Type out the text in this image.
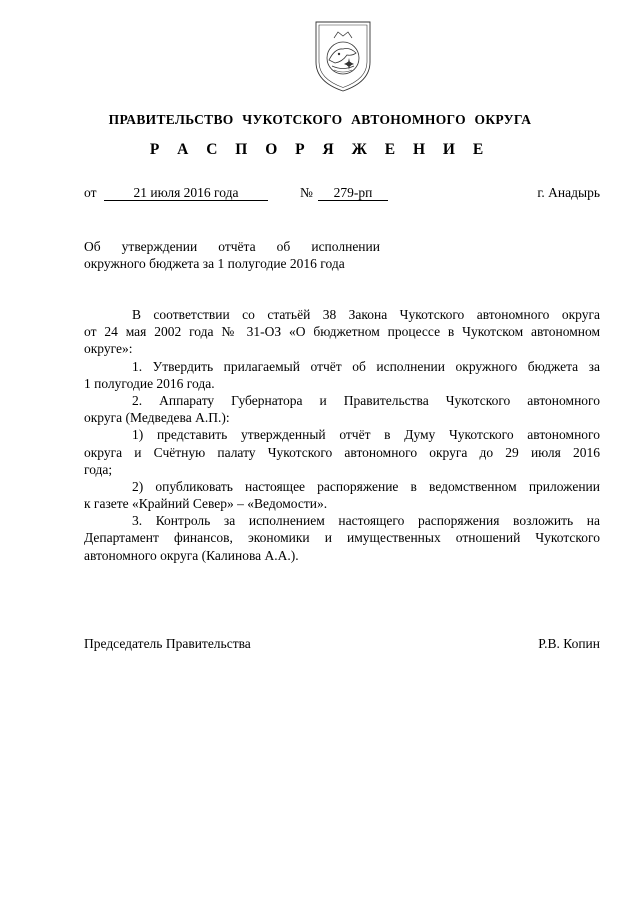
ПРАВИТЕЛЬСТВО ЧУКОТСКОГО АВТОНОМНОГО ОКРУГА
Р А С П О Р Я Ж Е Н И Е
от	21 июля 2016 года	№	279-рп	г. Анадырь
Об утверждении отчёта об исполнении
окружного бюджета за 1 полугодие 2016 года
В соответствии со статьёй 38 Закона Чукотского автономного округа
от 24 мая 2002 года № 31-ОЗ «О бюджетном процессе в Чукотском автономном
округе»:
1. Утвердить прилагаемый отчёт об исполнении окружного бюджета за
1 полугодие 2016 года.
2. Аппарату Губернатора и Правительства Чукотского автономного
округа (Медведева А.П.):
1) представить утвержденный отчёт в Думу Чукотского автономного
округа и Счётную палату Чукотского автономного округа до 29 июля 2016
года;
2) опубликовать настоящее распоряжение в ведомственном приложении
к газете «Крайний Север» – «Ведомости».
3. Контроль за исполнением настоящего распоряжения возложить на
Департамент финансов, экономики и имущественных отношений Чукотского
автономного округа (Калинова А.А.).
Председатель Правительства	Р.В. Копин
